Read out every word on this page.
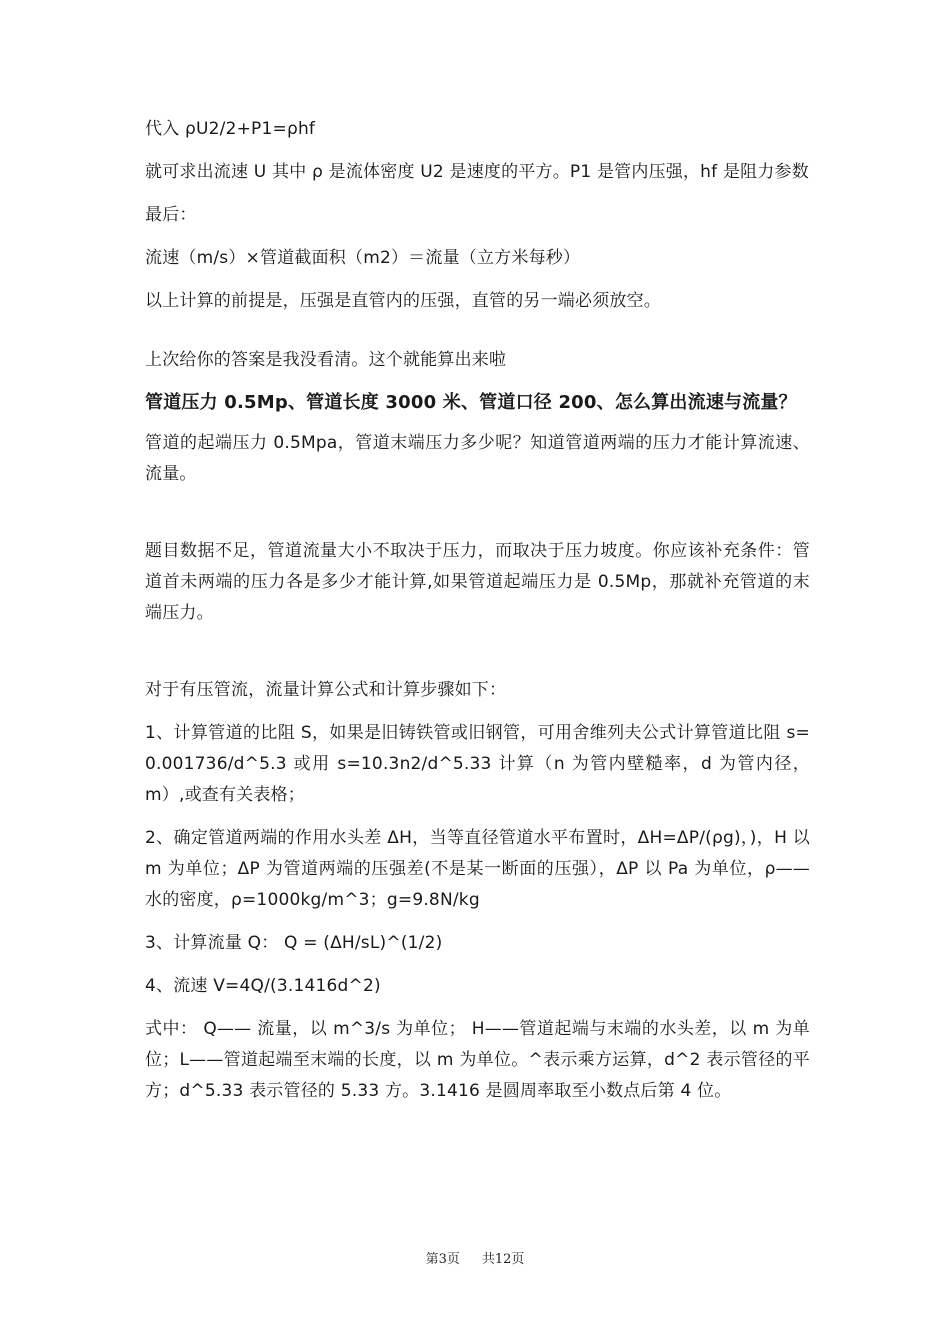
代入 ρU2/2+P1=ρhf

就可求出流速 U 其中 ρ 是流体密度 U2 是速度的平方。P1 是管内压强，hf 是阻力参数

最后：

流速（m/s）×管道截面积（m2）＝流量（立方米每秒）

以上计算的前提是，压强是直管内的压强，直管的另一端必须放空。

上次给你的答案是我没看清。这个就能算出来啦

管道压力 0.5Mp、管道长度 3000 米、管道口径 200、怎么算出流速与流量？

管道的起端压力 0.5Mpa，管道末端压力多少呢？知道管道两端的压力才能计算流速、流量。

题目数据不足，管道流量大小不取决于压力，而取决于压力坡度。你应该补充条件：管道首未两端的压力各是多少才能计算,如果管道起端压力是 0.5Mp，那就补充管道的末端压力。

对于有压管流，流量计算公式和计算步骤如下：

1、计算管道的比阻 S，如果是旧铸铁管或旧钢管，可用舍维列夫公式计算管道比阻 s=0.001736/d^5.3 或用 s=10.3n2/d^5.33 计算（n 为管内壁糙率，d 为管内径，m）,或查有关表格；

2、确定管道两端的作用水头差 ΔH，当等直径管道水平布置时，ΔH=ΔP/(ρg)，)，H 以 m 为单位；ΔP 为管道两端的压强差(不是某一断面的压强），ΔP 以 Pa 为单位，ρ——水的密度，ρ=1000kg/m^3；g=9.8N/kg

3、计算流量 Q： Q = (ΔH/sL)^(1/2)

4、流速 V=4Q/(3.1416d^2)

式中： Q—— 流量，以 m^3/s 为单位； H——管道起端与末端的水头差，以 m 为单位；L——管道起端至末端的长度，以 m 为单位。^表示乘方运算，d^2 表示管径的平方；d^5.33 表示管径的 5.33 方。3.1416 是圆周率取至小数点后第 4 位。

第3页 共12页
